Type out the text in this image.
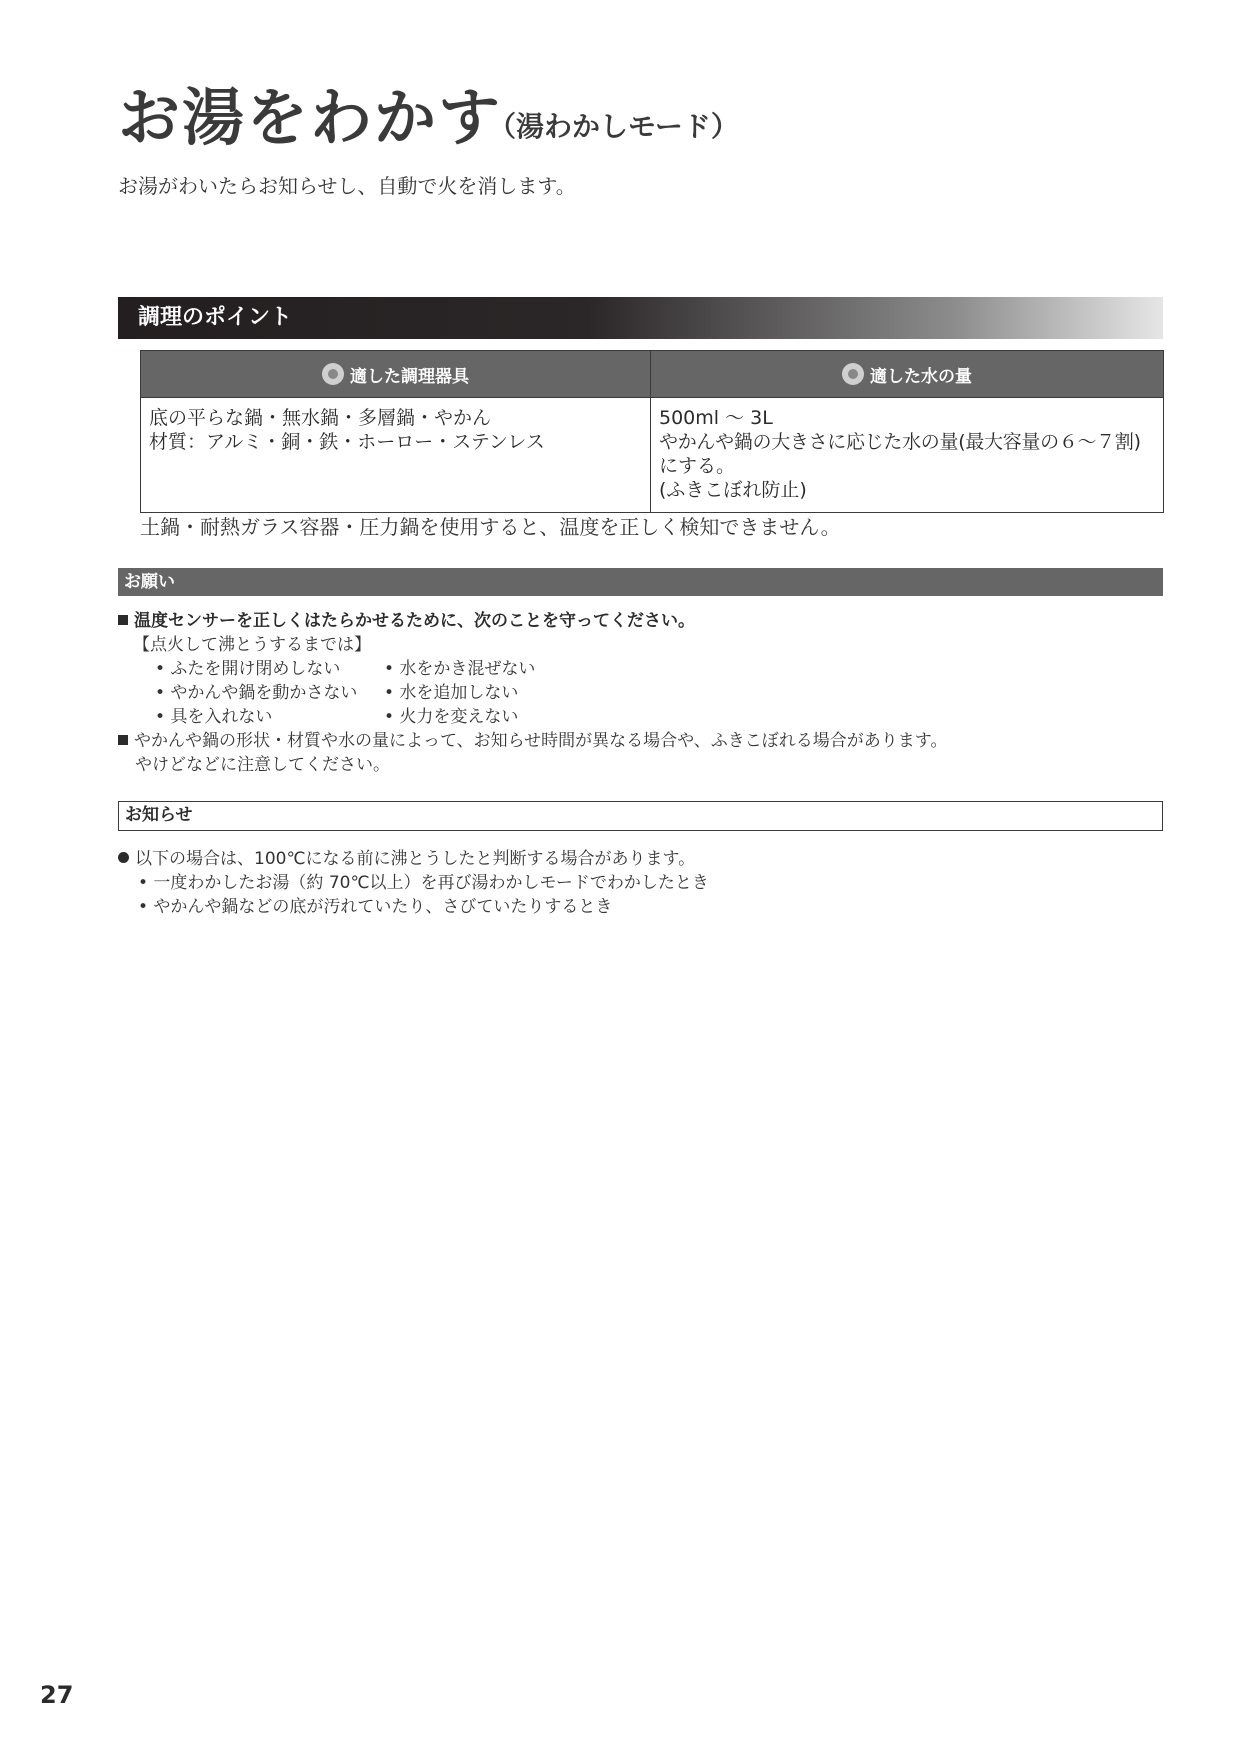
お湯をわかす
（湯わかしモード）
お湯がわいたらお知らせし、自動で火を消します。
調理のポイント
適した調理器具	適した水の量

底の平らな鍋・無水鍋・多層鍋・やかん
材質：アルミ・銅・鉄・ホーロー・ステンレス	500ml ～ 3L
やかんや鍋の大きさに応じた水の量(最大容量の６～７割)
にする。
(ふきこぼれ防止)
土鍋・耐熱ガラス容器・圧力鍋を使用すると、温度を正しく検知できません。
お願い
温度センサーを正しくはたらかせるために、次のことを守ってください。
【点火して沸とうするまでは】
• ふたを開け閉めしない
• やかんや鍋を動かさない
• 具を入れない
• 水をかき混ぜない
• 水を追加しない
• 火力を変えない
やかんや鍋の形状・材質や水の量によって、お知らせ時間が異なる場合や、ふきこぼれる場合があります。
やけどなどに注意してください。
お知らせ
以下の場合は、100℃になる前に沸とうしたと判断する場合があります。
• 一度わかしたお湯（約 70℃以上）を再び湯わかしモードでわかしたとき
• やかんや鍋などの底が汚れていたり、さびていたりするとき
27
